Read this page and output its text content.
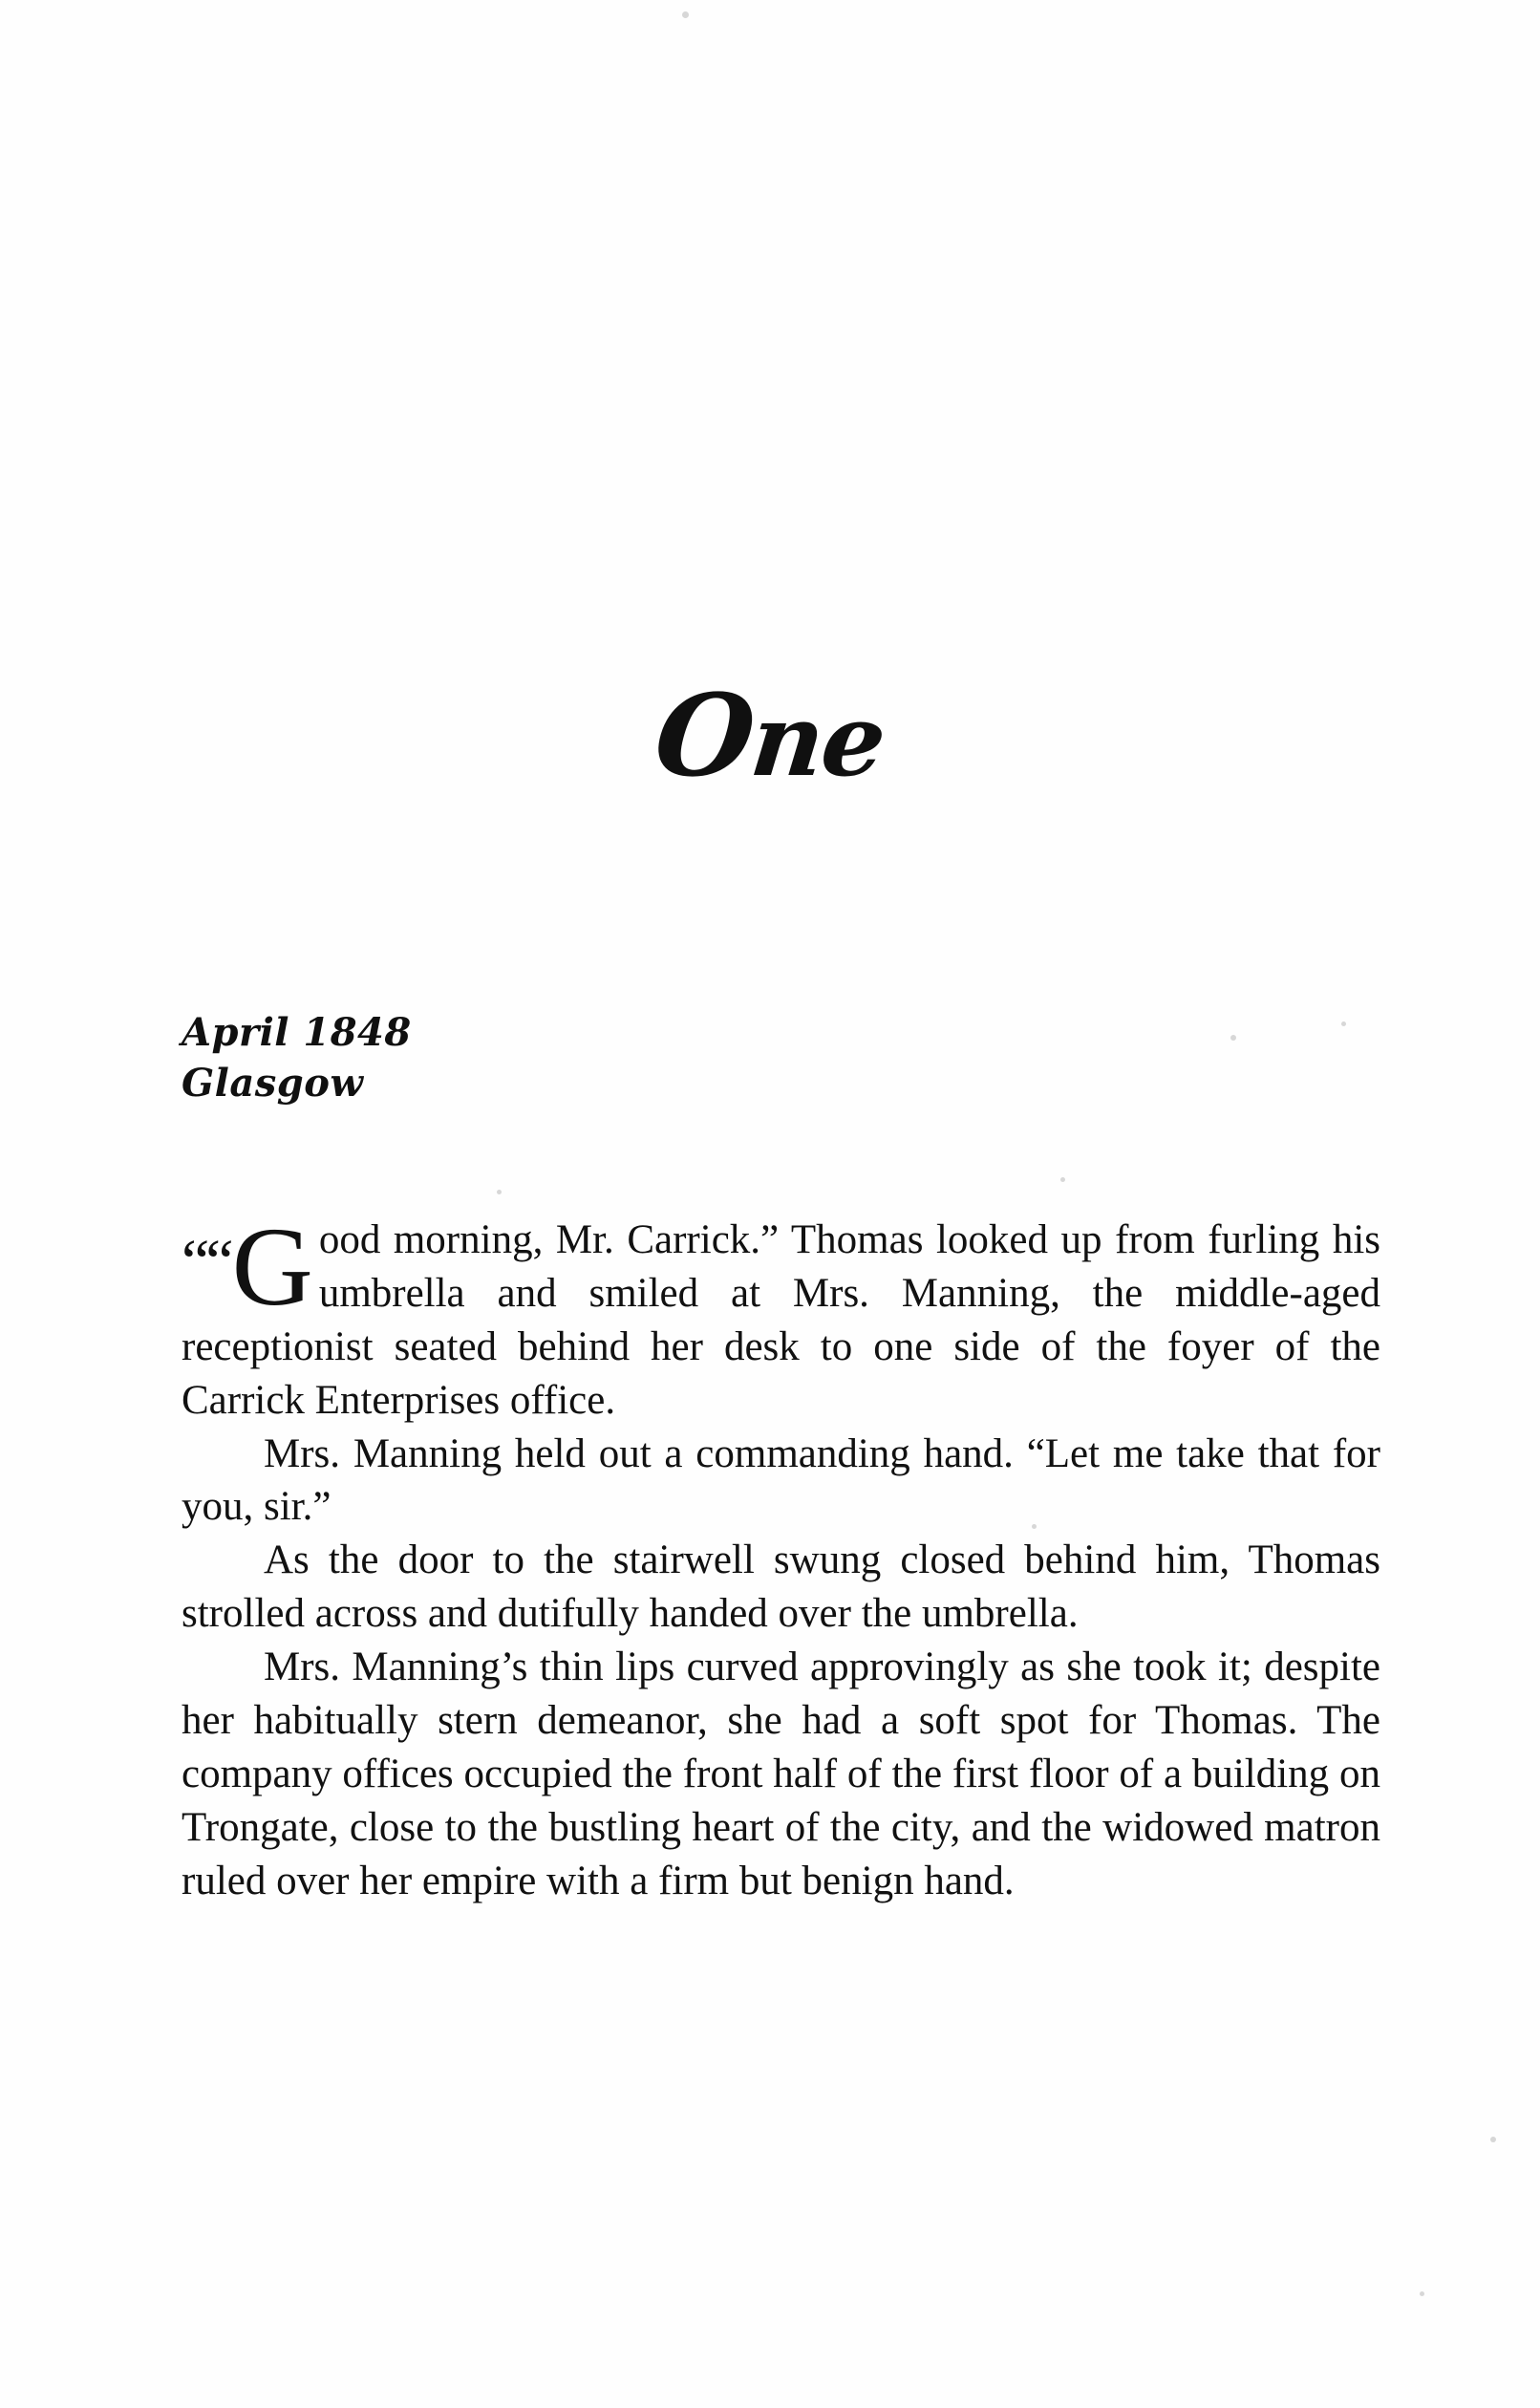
One
April 1848
Glasgow

““ G ood morning, Mr. Carrick.” Thomas looked up from furling his umbrella and smiled at Mrs. Manning, the middle-aged receptionist seated behind her desk to one side of the foyer of the Carrick Enterprises office.

Mrs. Manning held out a commanding hand. “Let me take that for you, sir.”

As the door to the stairwell swung closed behind him, Thomas strolled across and dutifully handed over the umbrella.

Mrs. Manning’s thin lips curved approvingly as she took it; despite her habitually stern demeanor, she had a soft spot for Thomas. The company offices occupied the front half of the first floor of a building on Trongate, close to the bustling heart of the city, and the widowed matron ruled over her empire with a firm but benign hand.
